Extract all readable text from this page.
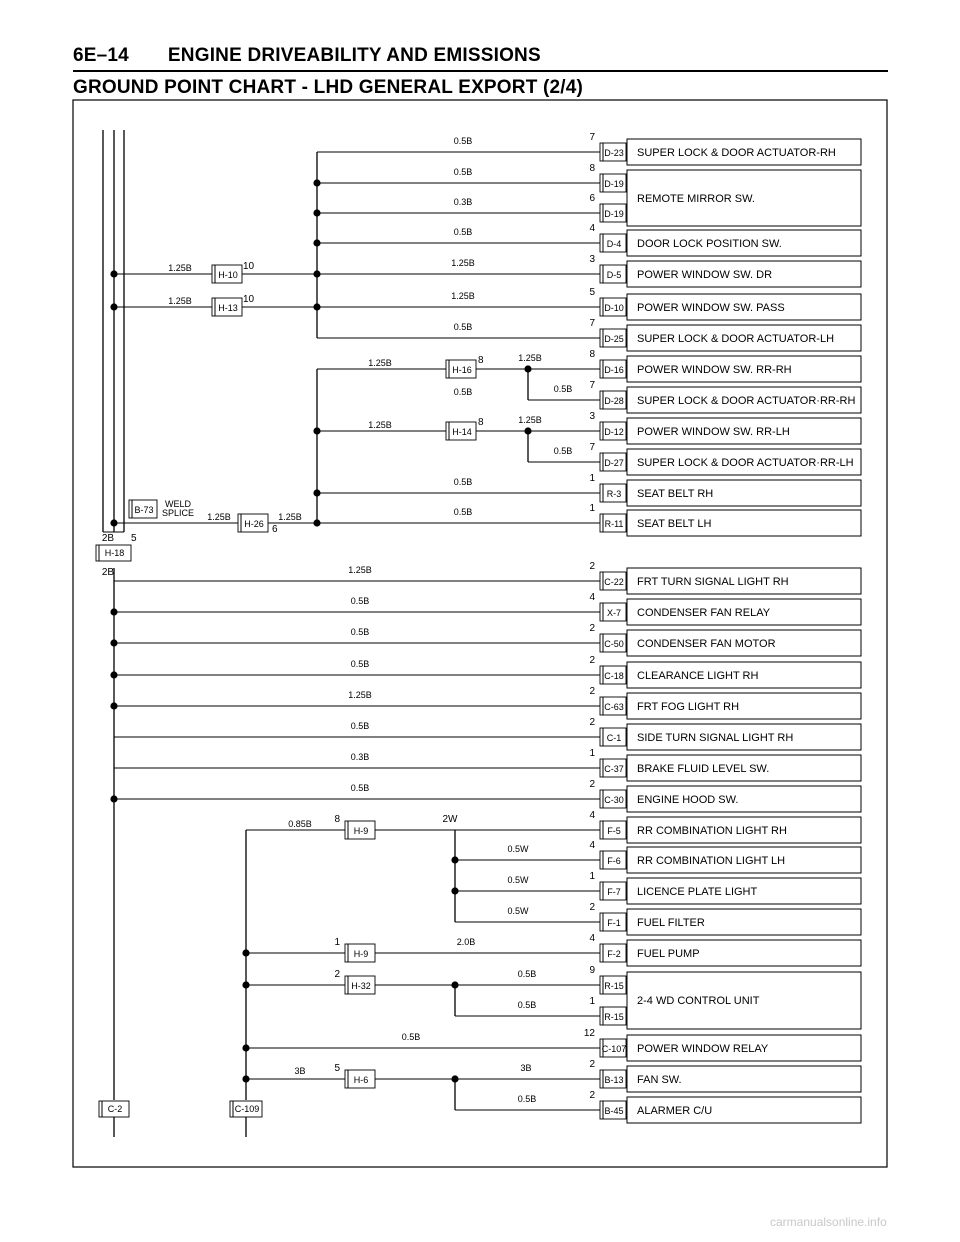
6E–14 ENGINE DRIVEABILITY AND EMISSIONS
GROUND POINT CHART - LHD GENERAL EXPORT (2/4)
D-23
D-19
D-19
D-4
D-5
D-10
D-25
D-16
D-28
D-12
D-27
R-3
R-11
C-22
X-7
C-50
C-18
C-63
C-1
C-37
C-30
F-5
F-6
F-7
F-1
F-2
R-15
R-15
C-107
B-13
B-45
H-10
H-13
H-16
H-14
H-26
B-73
H-18
H-9
H-9
H-32
H-6
C-2	C-109
7
0.5B
SUPER LOCK & DOOR ACTUATOR-RH
8
0.5B
6
0.3B
4
0.5B
DOOR LOCK POSITION SW.
3
1.25B
POWER WINDOW SW. DR
5
1.25B
POWER WINDOW SW. PASS
7
0.5B
SUPER LOCK & DOOR ACTUATOR-LH
8
1.25B
POWER WINDOW SW. RR-RH
7
0.5B
SUPER LOCK & DOOR ACTUATOR·RR-RH
3
1.25B
POWER WINDOW SW. RR-LH
7
0.5B
SUPER LOCK & DOOR ACTUATOR·RR-LH
1
0.5B
SEAT BELT RH
1
0.5B
SEAT BELT LH
2
1.25B
FRT TURN SIGNAL LIGHT RH
4
0.5B
CONDENSER FAN RELAY
2
0.5B
CONDENSER FAN MOTOR
2
0.5B
CLEARANCE LIGHT RH
2
1.25B
FRT FOG LIGHT RH
2
0.5B
SIDE TURN SIGNAL LIGHT RH
1
0.3B
BRAKE FLUID LEVEL SW.
2
0.5B
ENGINE HOOD SW.
4
2W
RR COMBINATION LIGHT RH
4
0.5W
RR COMBINATION LIGHT LH
1
0.5W
LICENCE PLATE LIGHT
2
0.5W
FUEL FILTER
4
2.0B
FUEL PUMP
9
0.5B
1
0.5B
12
0.5B
POWER WINDOW RELAY
2
3B
FAN SW.
2
0.5B
ALARMER C/U
REMOTE MIRROR SW.
2-4 WD CONTROL UNIT
10
1.25B
10
1.25B
8
1.25B
0.5B
8
1.25B
6
1.25B	1.25B
WELD
SPLICE
2B 5
2B
8
0.85B
1
2
5
3B
carmanualsonline.info
